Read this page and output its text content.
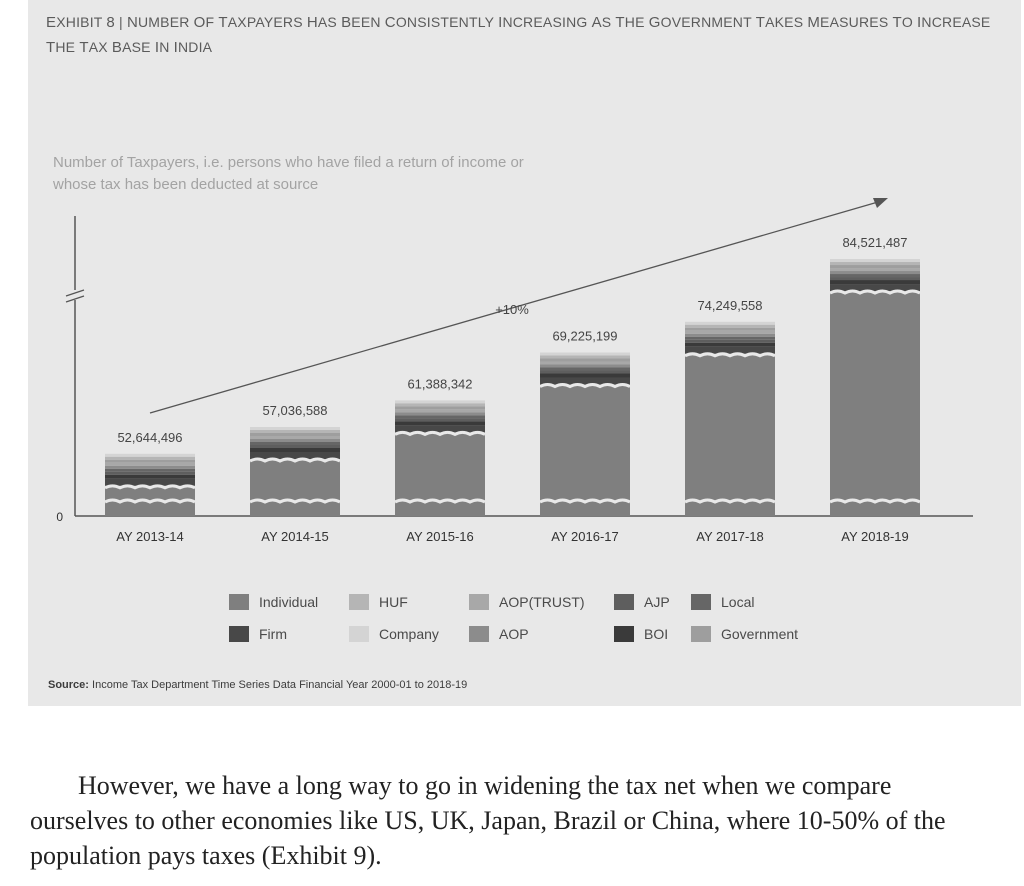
EXHIBIT 8 | NUMBER OF TAXPAYERS HAS BEEN CONSISTENTLY INCREASING AS THE GOVERNMENT TAKES MEASURES TO INCREASE THE TAX BASE IN INDIA

Number of Taxpayers, i.e. persons who have filed a return of income or
whose tax has been deducted at source

0
52,644,496
AY 2013-14
57,036,588
AY 2014-15
61,388,342
AY 2015-16
69,225,199
AY 2016-17
74,249,558
AY 2017-18
84,521,487
AY 2018-19
+10%
Individual	HUF	AOP(TRUST)	AJP	Local
Firm	Company	AOP	BOI	Government

Source: Income Tax Department Time Series Data Financial Year 2000-01 to 2018-19

However, we have a long way to go in widening the tax net when we compare ourselves to other economies like US, UK, Japan, Brazil or China, where 10-50% of the population pays taxes (Exhibit 9).
